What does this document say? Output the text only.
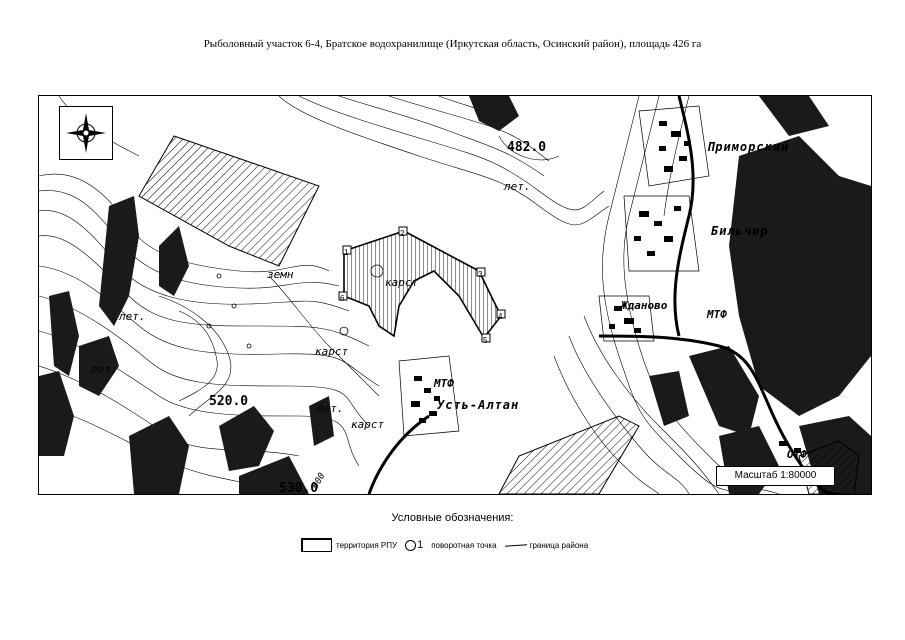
Рыболовный участок 6-4, Братское водохранилище (Иркутская область, Осинский район), площадь 426 га
482.0
520.0
530.0
500
лет.
лет.
лет.
лет.
земн
карст
карст
карст
МТФ
МТФ
ОТФ
Усть-Алтан
Приморский
Бильчир
Жданово
1
2
3
4
5
6
Масштаб 1:80000
Условные обозначения:
территория РПУ 1 поворотная точка	граница района
